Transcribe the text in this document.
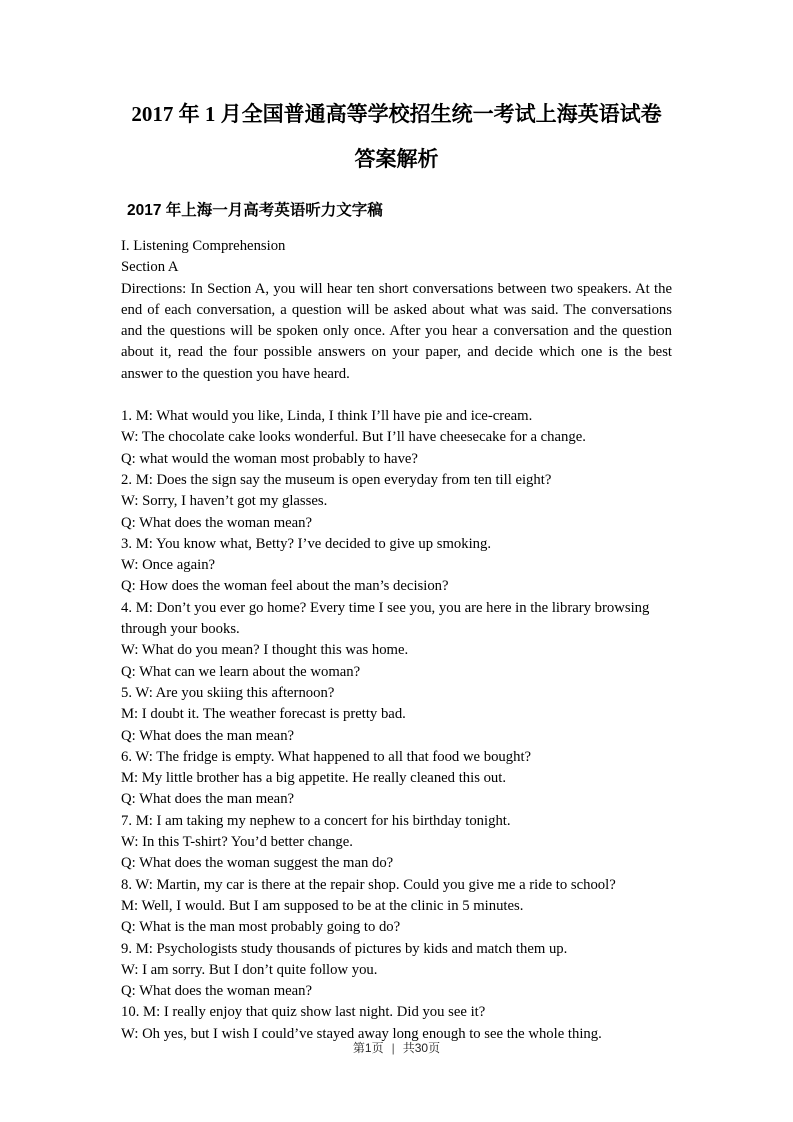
2017 年 1 月全国普通高等学校招生统一考试上海英语试卷
答案解析
2017 年上海一月高考英语听力文字稿

I. Listening Comprehension

Section A

Directions: In Section A, you will hear ten short conversations between two speakers. At the end of each conversation, a question will be asked about what was said. The conversations and the questions will be spoken only once. After you hear a conversation and the question about it, read the four possible answers on your paper, and decide which one is the best answer to the question you have heard.

1. M: What would you like, Linda, I think I’ll have pie and ice-cream.

W: The chocolate cake looks wonderful. But I’ll have cheesecake for a change.

Q: what would the woman most probably to have?

2. M: Does the sign say the museum is open everyday from ten till eight?

W: Sorry, I haven’t got my glasses.

Q: What does the woman mean?

3. M: You know what, Betty? I’ve decided to give up smoking.

W: Once again?

Q: How does the woman feel about the man’s decision?

4. M: Don’t you ever go home? Every time I see you, you are here in the library browsing through your books.

W: What do you mean? I thought this was home.

Q: What can we learn about the woman?

5. W: Are you skiing this afternoon?

M: I doubt it. The weather forecast is pretty bad.

Q: What does the man mean?

6. W: The fridge is empty. What happened to all that food we bought?

M: My little brother has a big appetite. He really cleaned this out.

Q: What does the man mean?

7. M: I am taking my nephew to a concert for his birthday tonight.

W: In this T-shirt? You’d better change.

Q: What does the woman suggest the man do?

8. W: Martin, my car is there at the repair shop. Could you give me a ride to school?

M: Well, I would. But I am supposed to be at the clinic in 5 minutes.

Q: What is the man most probably going to do?

9. M: Psychologists study thousands of pictures by kids and match them up.

W: I am sorry. But I don’t quite follow you.

Q: What does the woman mean?

10. M: I really enjoy that quiz show last night. Did you see it?

W: Oh yes, but I wish I could’ve stayed away long enough to see the whole thing.

第1页 | 共30页
